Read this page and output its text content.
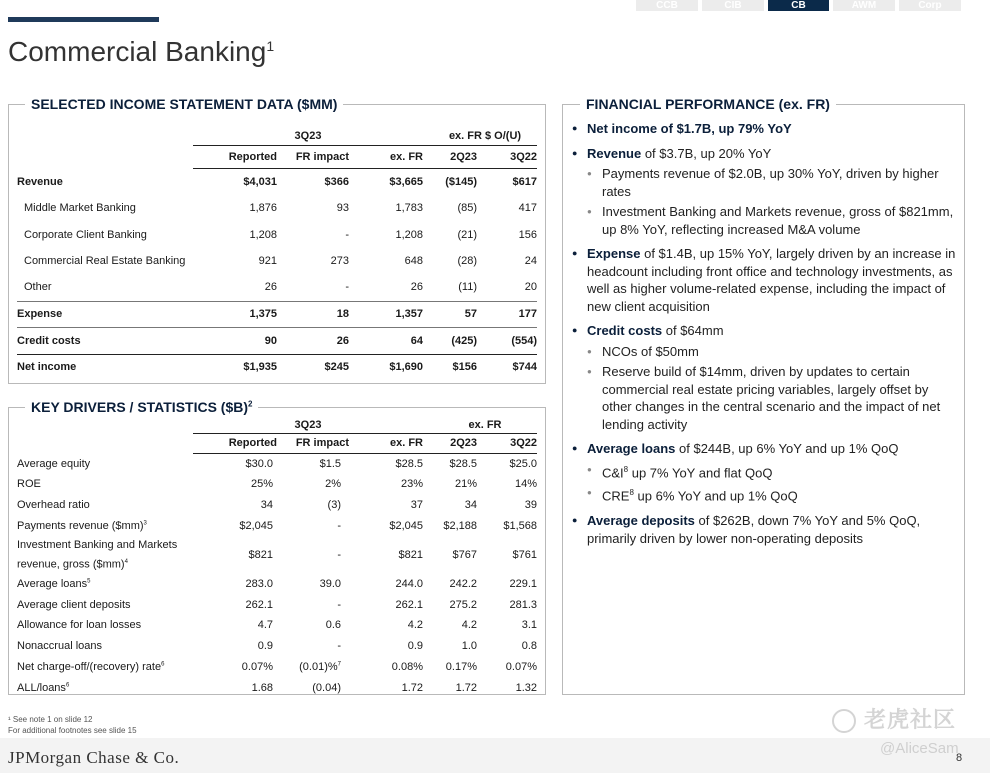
CCB	CIB	CB	AWM	Corp
Commercial Banking$^1$
SELECTED INCOME STATEMENT DATA ($MM)
	3Q23			ex. FR $ O/(U)	
	Reported	FR impact	ex. FR	2Q23	3Q22
Revenue	$4,031	$366	$3,665	($145)	$617
Middle Market Banking	1,876	93	1,783	(85)	417
Corporate Client Banking	1,208	-	1,208	(21)	156
Commercial Real Estate Banking	921	273	648	(28)	24
Other	26	-	26	(11)	20
Expense	1,375	18	1,357	57	177
Credit costs	90	26	64	(425)	(554)
Net income	$1,935	$245	$1,690	$156	$744
	3Q23			ex. FR	
	Reported	FR impact	ex. FR	2Q23	3Q22
Average equity	$30.0	$1.5	$28.5	$28.5	$25.0
ROE	25%	2%	23%	21%	14%
Overhead ratio	34	(3)	37	34	39
Payments revenue ($mm)$^3$	$2,045	-	$2,045	$2,188	$1,568
Investment Banking and Markets
revenue, gross ($mm)$^4$	$821	-	$821	$767	$761
Average loans$^5$	283.0	39.0	244.0	242.2	229.1
Average client deposits	262.1	-	262.1	275.2	281.3
Allowance for loan losses	4.7	0.6	4.2	4.2	3.1
Nonaccrual loans	0.9	-	0.9	1.0	0.8
Net charge-off/(recovery) rate$^6$	0.07%	(0.01)%$^7$	0.08%	0.17%	0.07%
ALL/loans$^6$	1.68	(0.04)	1.72	1.72	1.32
KEY DRIVERS / STATISTICS ($B)$^2$
FINANCIAL PERFORMANCE (ex. FR)
● Net income of $1.7B, up 79% YoY
● Revenue of $3.7B, up 20% YoY
● Payments revenue of $2.0B, up 30% YoY, driven by higher rates
● Investment Banking and Markets revenue, gross of $821mm, up 8% YoY, reflecting increased M&A volume
● Expense of $1.4B, up 15% YoY, largely driven by an increase in headcount including front office and technology investments, as well as higher volume-related expense, including the impact of new client acquisition
● Credit costs of $64mm
● NCOs of $50mm
● Reserve build of $14mm, driven by updates to certain commercial real estate pricing variables, largely offset by other changes in the central scenario and the impact of net lending activity
● Average loans of $244B, up 6% YoY and up 1% QoQ
● $C\&I^8$ up 7% YoY and flat QoQ
● CRE$^8$ up 6% YoY and up 1% QoQ
● Average deposits of $262B, down 7% YoY and 5% QoQ, primarily driven by lower non-operating deposits
¹ See note 1 on slide 12
For additional footnotes see slide 15	老虎社区
JPMorgan Chase & Co.	@AliceSam
8
